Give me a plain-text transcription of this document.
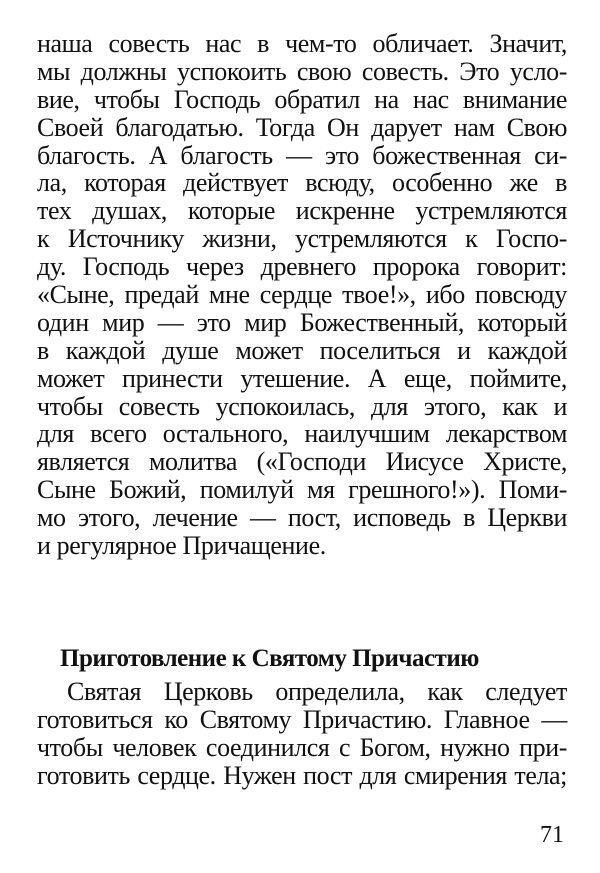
наша совесть нас в чем-то обличает. Значит,
мы должны успокоить свою совесть. Это усло-
вие, чтобы Господь обратил на нас внимание
Своей благодатью. Тогда Он дарует нам Свою
благость. А благость — это божественная си-
ла, которая действует всюду, особенно же в
тех душах, которые искренне устремляются
к Источнику жизни, устремляются к Госпо-
ду. Господь через древнего пророка говорит:
«Сыне, предай мне сердце твое!», ибо повсюду
один мир — это мир Божественный, который
в каждой душе может поселиться и каждой
может принести утешение. А еще, поймите,
чтобы совесть успокоилась, для этого, как и
для всего остального, наилучшим лекарством
является молитва («Господи Иисусе Христе,
Сыне Божий, помилуй мя грешного!»). Поми-
мо этого, лечение — пост, исповедь в Церкви
и регулярное Причащение.
Приготовление к Святому Причастию
Святая Церковь определила, как следует
готовиться ко Святому Причастию. Главное —
чтобы человек соединился с Богом, нужно при-
готовить сердце. Нужен пост для смирения тела;
71
